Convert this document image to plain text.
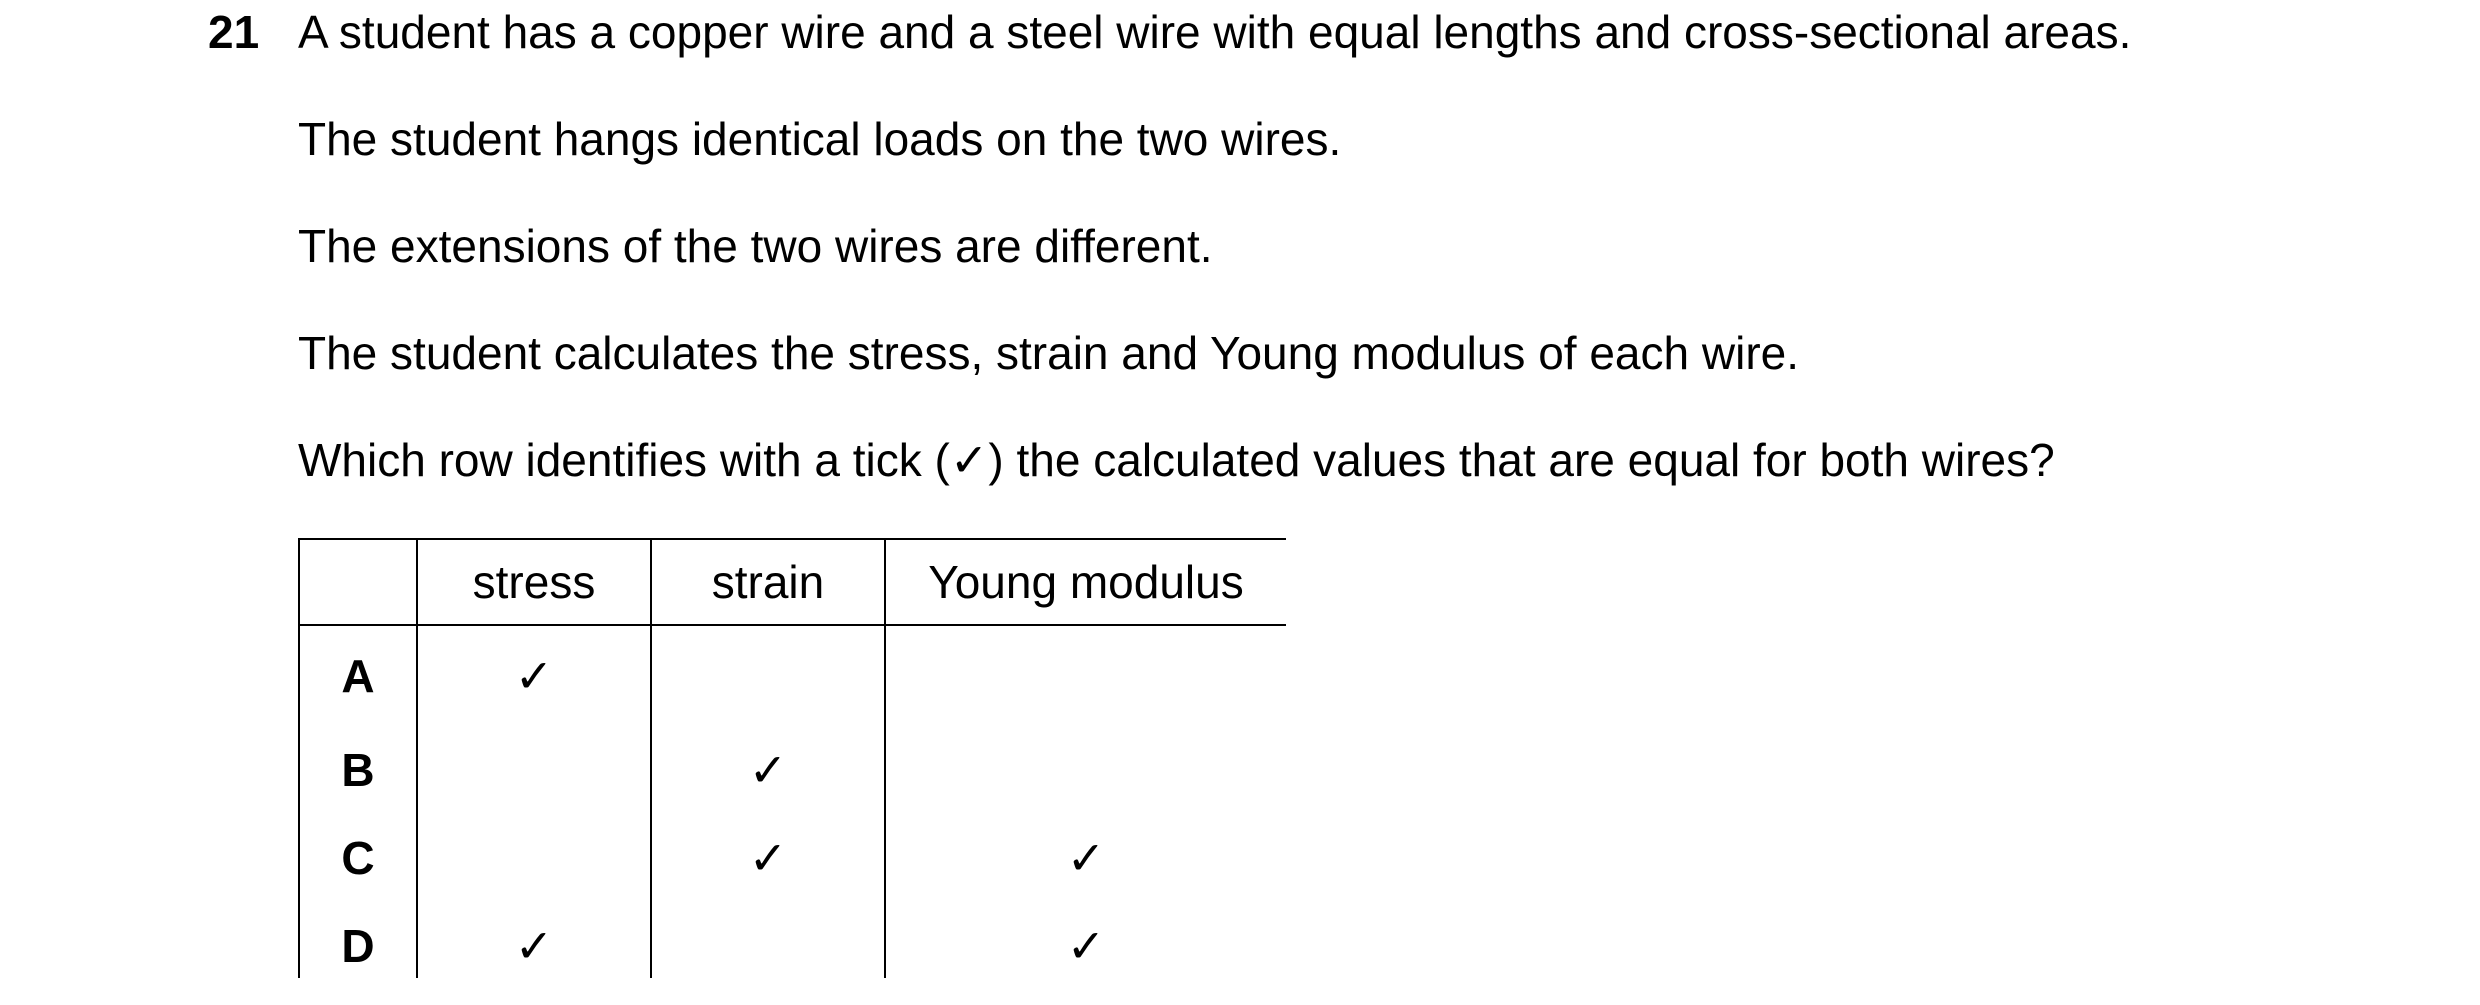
21 A student has a copper wire and a steel wire with equal lengths and cross-sectional areas.
The student hangs identical loads on the two wires.
The extensions of the two wires are different.
The student calculates the stress, strain and Young modulus of each wire.
Which row identifies with a tick (✓) the calculated values that are equal for both wires?
	stress	strain	Young modulus
A	✓		
B		✓	
C		✓	✓
D	✓		✓
